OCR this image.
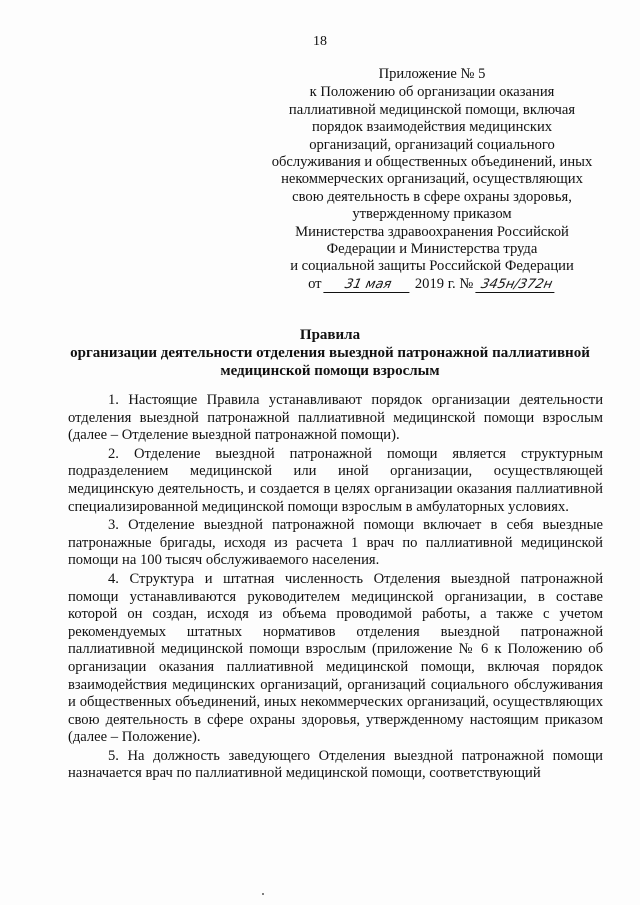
18
Приложение № 5
к Положению об организации оказания
паллиативной медицинской помощи, включая
порядок взаимодействия медицинских
организаций, организаций социального
обслуживания и общественных объединений, иных
некоммерческих организаций, осуществляющих
свою деятельность в сфере охраны здоровья,
утвержденному приказом
Министерства здравоохранения Российской
Федерации и Министерства труда
и социальной защиты Российской Федерации
от 31 мая 2019 г. № 345н/372н
Правила
организации деятельности отделения выездной патронажной паллиативной
медицинской помощи взрослым

1. Настоящие Правила устанавливают порядок организации деятельности отделения выездной патронажной паллиативной медицинской помощи взрослым (далее – Отделение выездной патронажной помощи).

2. Отделение выездной патронажной помощи является структурным подразделением медицинской или иной организации, осуществляющей медицинскую деятельность, и создается в целях организации оказания паллиативной специализированной медицинской помощи взрослым в амбулаторных условиях.

3. Отделение выездной патронажной помощи включает в себя выездные патронажные бригады, исходя из расчета 1 врач по паллиативной медицинской помощи на 100 тысяч обслуживаемого населения.

4. Структура и штатная численность Отделения выездной патронажной помощи устанавливаются руководителем медицинской организации, в составе которой он создан, исходя из объема проводимой работы, а также с учетом рекомендуемых штатных нормативов отделения выездной патронажной паллиативной медицинской помощи взрослым (приложение № 6 к Положению об организации оказания паллиативной медицинской помощи, включая порядок взаимодействия медицинских организаций, организаций социального обслуживания и общественных объединений, иных некоммерческих организаций, осуществляющих свою деятельность в сфере охраны здоровья, утвержденному настоящим приказом (далее – Положение).

5. На должность заведующего Отделения выездной патронажной помощи назначается врач по паллиативной медицинской помощи, соответствующий
